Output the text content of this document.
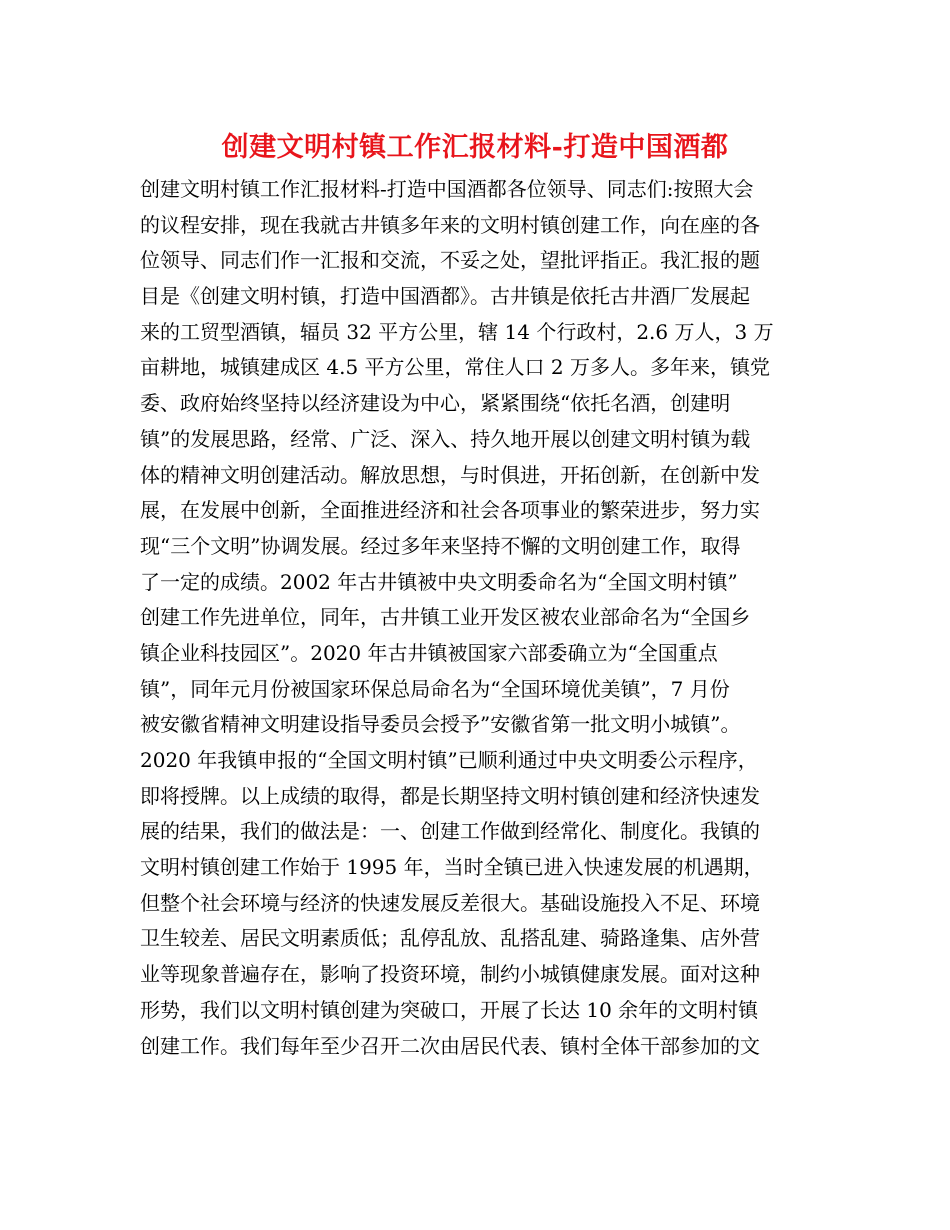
创建文明村镇工作汇报材料-打造中国酒都
创建文明村镇工作汇报材料-打造中国酒都各位领导、同志们:按照大会
的议程安排，现在我就古井镇多年来的文明村镇创建工作，向在座的各
位领导、同志们作一汇报和交流，不妥之处，望批评指正。我汇报的题
目是《创建文明村镇，打造中国酒都》。古井镇是依托古井酒厂发展起
来的工贸型酒镇，辐员 32 平方公里，辖 14 个行政村，2.6 万人，3 万
亩耕地，城镇建成区 4.5 平方公里，常住人口 2 万多人。多年来，镇党
委、政府始终坚持以经济建设为中心，紧紧围绕“依托名酒，创建明
镇”的发展思路，经常、广泛、深入、持久地开展以创建文明村镇为载
体的精神文明创建活动。解放思想，与时俱进，开拓创新，在创新中发
展，在发展中创新，全面推进经济和社会各项事业的繁荣进步，努力实
现“三个文明”协调发展。经过多年来坚持不懈的文明创建工作，取得
了一定的成绩。2002 年古井镇被中央文明委命名为“全国文明村镇”
创建工作先进单位，同年，古井镇工业开发区被农业部命名为“全国乡
镇企业科技园区”。2020 年古井镇被国家六部委确立为“全国重点
镇”，同年元月份被国家环保总局命名为“全国环境优美镇”，7 月份
被安徽省精神文明建设指导委员会授予”安徽省第一批文明小城镇”。
2020 年我镇申报的“全国文明村镇”已顺利通过中央文明委公示程序，
即将授牌。以上成绩的取得，都是长期坚持文明村镇创建和经济快速发
展的结果，我们的做法是：一、创建工作做到经常化、制度化。我镇的
文明村镇创建工作始于 1995 年，当时全镇已进入快速发展的机遇期，
但整个社会环境与经济的快速发展反差很大。基础设施投入不足、环境
卫生较差、居民文明素质低；乱停乱放、乱搭乱建、骑路逢集、店外营
业等现象普遍存在，影响了投资环境，制约小城镇健康发展。面对这种
形势，我们以文明村镇创建为突破口，开展了长达 10 余年的文明村镇
创建工作。我们每年至少召开二次由居民代表、镇村全体干部参加的文
